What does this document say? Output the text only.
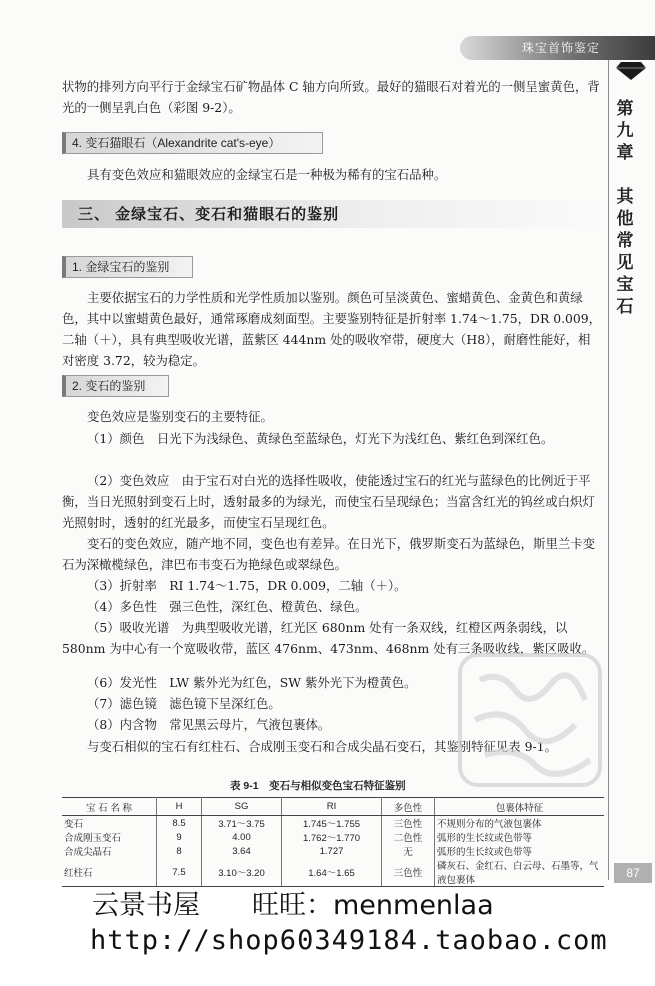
珠宝首饰鉴定
第
九
章
其
他
常
见
宝
石
状物的排列方向平行于金绿宝石矿物晶体 C 轴方向所致。最好的猫眼石对着光的一侧呈蜜黄色，背光的一侧呈乳白色（彩图 9-2）。
4. 变石猫眼石（Alexandrite cat's-eye）
具有变色效应和猫眼效应的金绿宝石是一种极为稀有的宝石品种。
三、 金绿宝石、变石和猫眼石的鉴别
1. 金绿宝石的鉴别
主要依据宝石的力学性质和光学性质加以鉴别。颜色可呈淡黄色、蜜蜡黄色、金黄色和黄绿色，其中以蜜蜡黄色最好，通常琢磨成刻面型。主要鉴别特征是折射率 1.74～1.75，DR 0.009，二轴（＋），具有典型吸收光谱，蓝紫区 444nm 处的吸收窄带，硬度大（H8），耐磨性能好，相对密度 3.72，较为稳定。
2. 变石的鉴别
变色效应是鉴别变石的主要特征。
（1）颜色　日光下为浅绿色、黄绿色至蓝绿色，灯光下为浅红色、紫红色到深红色。
（2）变色效应　由于宝石对白光的选择性吸收，使能透过宝石的红光与蓝绿色的比例近于平衡，当日光照射到变石上时，透射最多的为绿光，而使宝石呈现绿色；当富含红光的钨丝或白炽灯光照射时，透射的红光最多，而使宝石呈现红色。
变石的变色效应，随产地不同，变色也有差异。在日光下，俄罗斯变石为蓝绿色，斯里兰卡变石为深橄榄绿色，津巴布韦变石为艳绿色或翠绿色。
（3）折射率　RI 1.74～1.75，DR 0.009，二轴（＋）。
（4）多色性　强三色性，深红色、橙黄色、绿色。
（5）吸收光谱　为典型吸收光谱，红光区 680nm 处有一条双线，红橙区两条弱线，以 580nm 为中心有一个宽吸收带，蓝区 476nm、473nm、468nm 处有三条吸收线，紫区吸收。
（6）发光性　LW 紫外光为红色，SW 紫外光下为橙黄色。
（7）滤色镜　滤色镜下呈深红色。
（8）内含物　常见黑云母片，气液包裹体。
与变石相似的宝石有红柱石、合成刚玉变石和合成尖晶石变石，其鉴别特征见表 9-1。
表 9-1　变石与相似变色宝石特征鉴别
宝 石 名 称	H	SG	RI	多色性	包裹体特征
变石	8.5	3.71～3.75	1.745～1.755	三色性	不规则分布的气液包裹体
合成刚玉变石	9	4.00	1.762～1.770	二色性	弧形的生长纹或色带等
合成尖晶石	8	3.64	1.727	无	弧形的生长纹或色带等
红柱石	7.5	3.10～3.20	1.64～1.65	三色性	磷灰石、金红石、白云母、石墨等，气液包裹体
87
云景书屋 旺旺：menmenlaa
http://shop60349184.taobao.com
